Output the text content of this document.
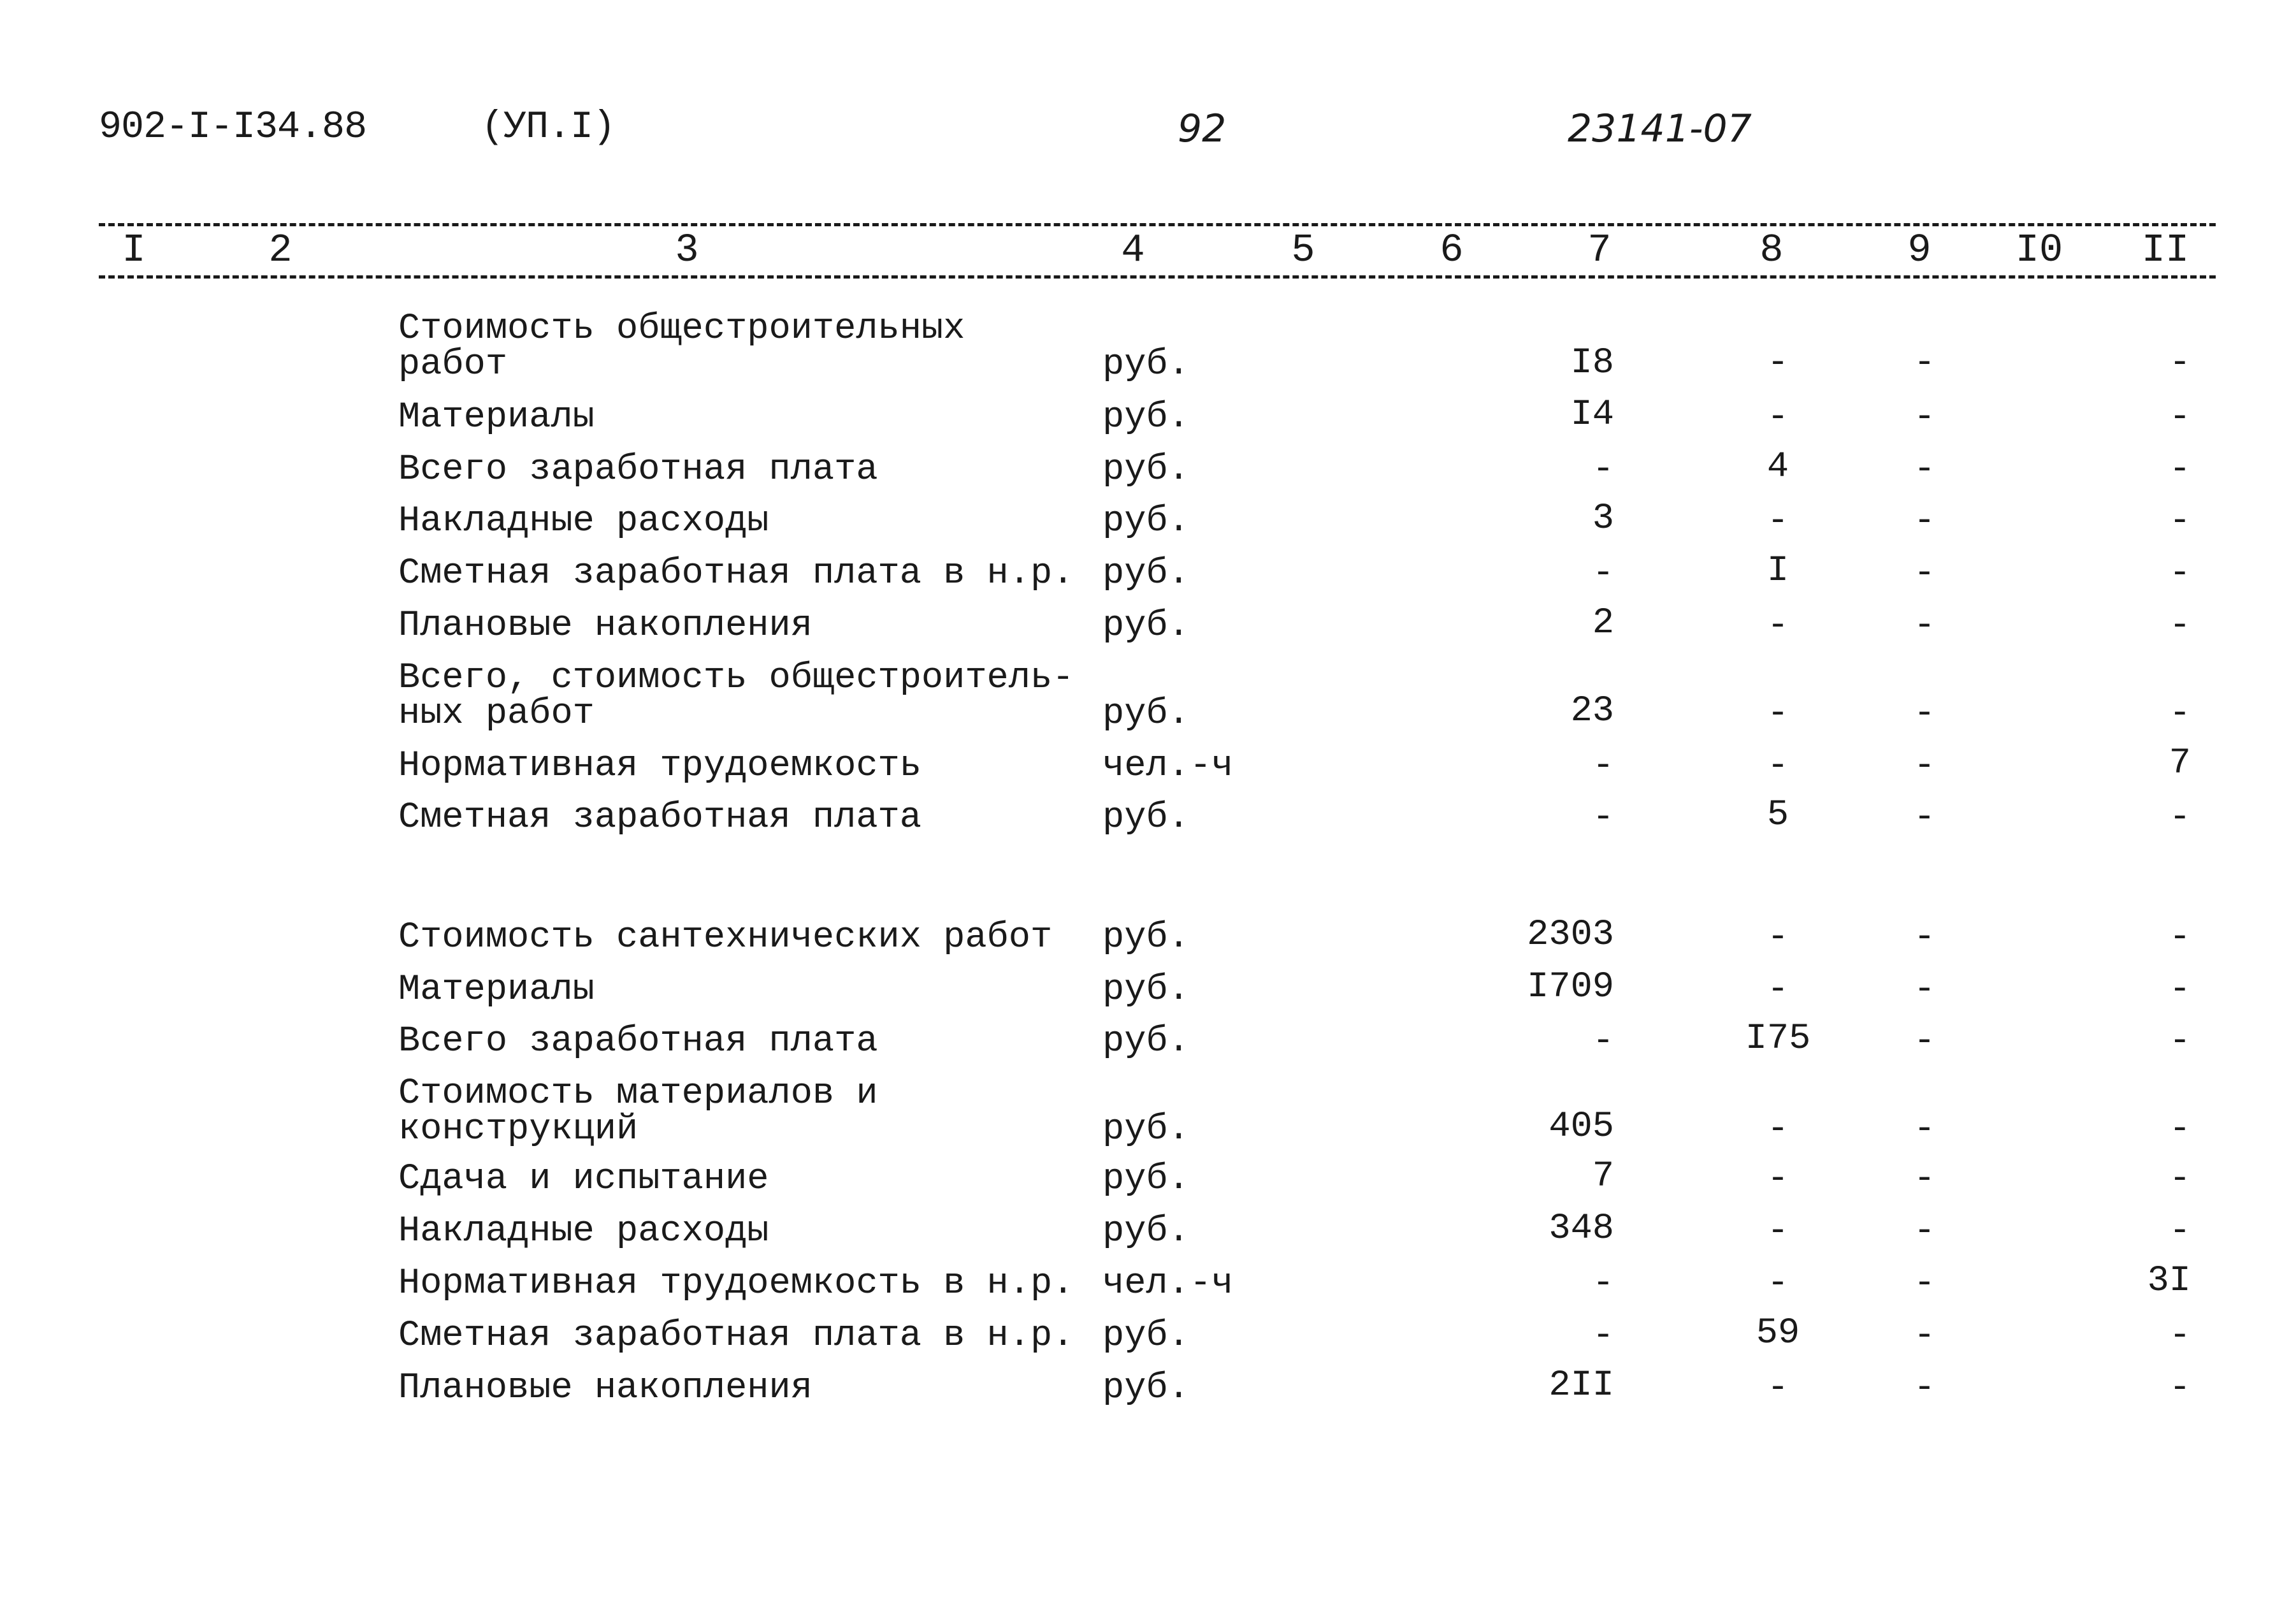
902-I-I34.88	(УП.I)	92	23141-07
I	2	3	4	5	6	7	8	9 I0 II
Стоимость общестроительных
работ	руб.	I8	-	-	-
Материалы	руб.	I4	-	-	-
Всего заработная плата	руб.	-	4	-	-
Накладные расходы	руб.	3	-	-	-
Сметная заработная плата в н.р. руб.	-	I	-	-
Плановые накопления	руб.	2	-	-	-
Всего, стоимость общестроитель-
ных работ	руб.	23	-	-	-
Нормативная трудоемкость	чел.-ч	-	-	-	7
Сметная заработная плата	руб.	-	5	-	-
Стоимость сантехнических работ руб.	2303	-	-	-
Материалы	руб.	I709	-	-	-
Всего заработная плата	руб.	-	I75	-	-
Стоимость материалов и
конструкций	руб.	405	-	-	-
Сдача и испытание	руб.	7	-	-	-
Накладные расходы	руб.	348	-	-	-
Нормативная трудоемкость в н.р. чел.-ч	-	-	-	3I
Сметная заработная плата в н.р. руб.	-	59	-	-
Плановые накопления	руб.	2II	-	-	-
